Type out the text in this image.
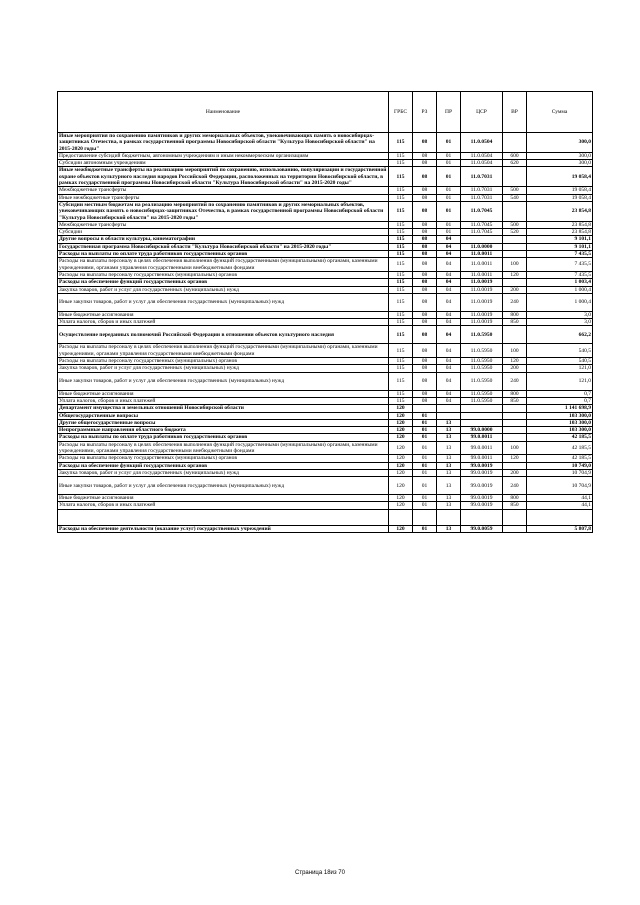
Наименование	ГРБС	РЗ	ПР	ЦСР	ВР	Сумма
Иные мероприятия по сохранению памятников и других мемориальных объектов, увековечивающих память о новосибирцах-защитниках Отечества, в рамках государственной программы Новосибирской области "Культура Новосибирской области" на 2015-2020 годы"	115	08	01	11.0.0504		300,0
Предоставление субсидий бюджетным, автономным учреждениям и иным некоммерческим организациям	115	08	01	11.0.0504	600	300,0
Субсидии автономным учреждениям	115	08	01	11.0.0504	620	300,0
Иные межбюджетные трансферты на реализацию мероприятий по сохранению, использованию, популяризации и государственной охране объектов культурного наследия народов Российской Федерации, расположенных на территории Новосибирской области, в рамках государственной программы Новосибирской области "Культура Новосибирской области" на 2015-2020 годы"	115	08	01	11.0.7031		19 058,4
Межбюджетные трансферты	115	08	01	11.0.7031	500	19 058,4
Иные межбюджетные трансферты	115	08	01	11.0.7031	540	19 058,4
Субсидии местным бюджетам на реализацию мероприятий по сохранению памятников и других мемориальных объектов, увековечивающих память о новосибирцах-защитниках Отечества, в рамках государственной программы Новосибирской области "Культура Новосибирской области" на 2015-2020 годы"	115	08	01	11.0.7045		23 854,8
Межбюджетные трансферты	115	08	01	11.0.7045	500	23 854,8
Субсидии	115	08	01	11.0.7045	520	23 854,8
Другие вопросы в области культуры, кинематографии	115	08	04			9 101,1
Государственная программа Новосибирской области "Культура Новосибирской области" на 2015-2020 годы"	115	08	04	11.0.0000		9 101,1
Расходы на выплаты по оплате труда работников государственных органов	115	08	04	11.0.0011		7 435,5
Расходы на выплаты персоналу в целях обеспечения выполнения функций государственными (муниципальными) органами, казенными учреждениями, органами управления государственными внебюджетными фондами	115	08	04	11.0.0011	100	7 435,5
Расходы на выплаты персоналу государственных (муниципальных) органов	115	08	04	11.0.0011	120	7 435,5
Расходы на обеспечение функций государственных органов	115	08	04	11.0.0019		1 003,4
Закупка товаров, работ и услуг для государственных (муниципальных) нужд	115	08	04	11.0.0019	200	1 000,4
Иные закупки товаров, работ и услуг для обеспечения государственных (муниципальных) нужд	115	08	04	11.0.0019	240	1 000,4
Иные бюджетные ассигнования	115	08	04	11.0.0019	800	3,0
Уплата налогов, сборов и иных платежей	115	08	04	11.0.0019	850	3,0
Осуществление переданных полномочий Российской Федерации в отношении объектов культурного наследия	115	08	04	11.0.5950		662,2
Расходы на выплаты персоналу в целях обеспечения выполнения функций государственными (муниципальными) органами, казенными учреждениями, органами управления государственными внебюджетными фондами	115	08	04	11.0.5950	100	540,5
Расходы на выплаты персоналу государственных (муниципальных) органов	115	08	04	11.0.5950	120	540,5
Закупка товаров, работ и услуг для государственных (муниципальных) нужд	115	08	04	11.0.5950	200	121,0
Иные закупки товаров, работ и услуг для обеспечения государственных (муниципальных) нужд	115	08	04	11.0.5950	240	121,0
Иные бюджетные ассигнования	115	08	04	11.0.5950	800	0,7
Уплата налогов, сборов и иных платежей	115	08	04	11.0.5950	850	0,7
Департамент имущества и земельных отношений Новосибирской области	120					1 141 698,9
Общегосударственные вопросы	120	01				103 300,0
Другие общегосударственные вопросы	120	01	13			103 300,0
Непрограммные направления областного бюджета	120	01	13	99.0.0000		103 300,0
Расходы на выплаты по оплате труда работников государственных органов	120	01	13	99.0.0011		42 185,5
Расходы на выплаты персоналу в целях обеспечения выполнения функций государственными (муниципальными) органами, казенными учреждениями, органами управления государственными внебюджетными фондами	120	01	13	99.0.0011	100	42 185,5
Расходы на выплаты персоналу государственных (муниципальных) органов	120	01	13	99.0.0011	120	42 185,5
Расходы на обеспечение функций государственных органов	120	01	13	99.0.0019		10 749,0
Закупка товаров, работ и услуг для государственных (муниципальных) нужд	120	01	13	99.0.0019	200	10 704,9
Иные закупки товаров, работ и услуг для обеспечения государственных (муниципальных) нужд	120	01	13	99.0.0019	240	10 704,9
Иные бюджетные ассигнования	120	01	13	99.0.0019	800	44,1
Уплата налогов, сборов и иных платежей	120	01	13	99.0.0019	850	44,1

Расходы на обеспечение деятельности (оказание услуг) государственных учреждений	120	01	13	99.0.0059		5 807,8
Страница 18из 70
